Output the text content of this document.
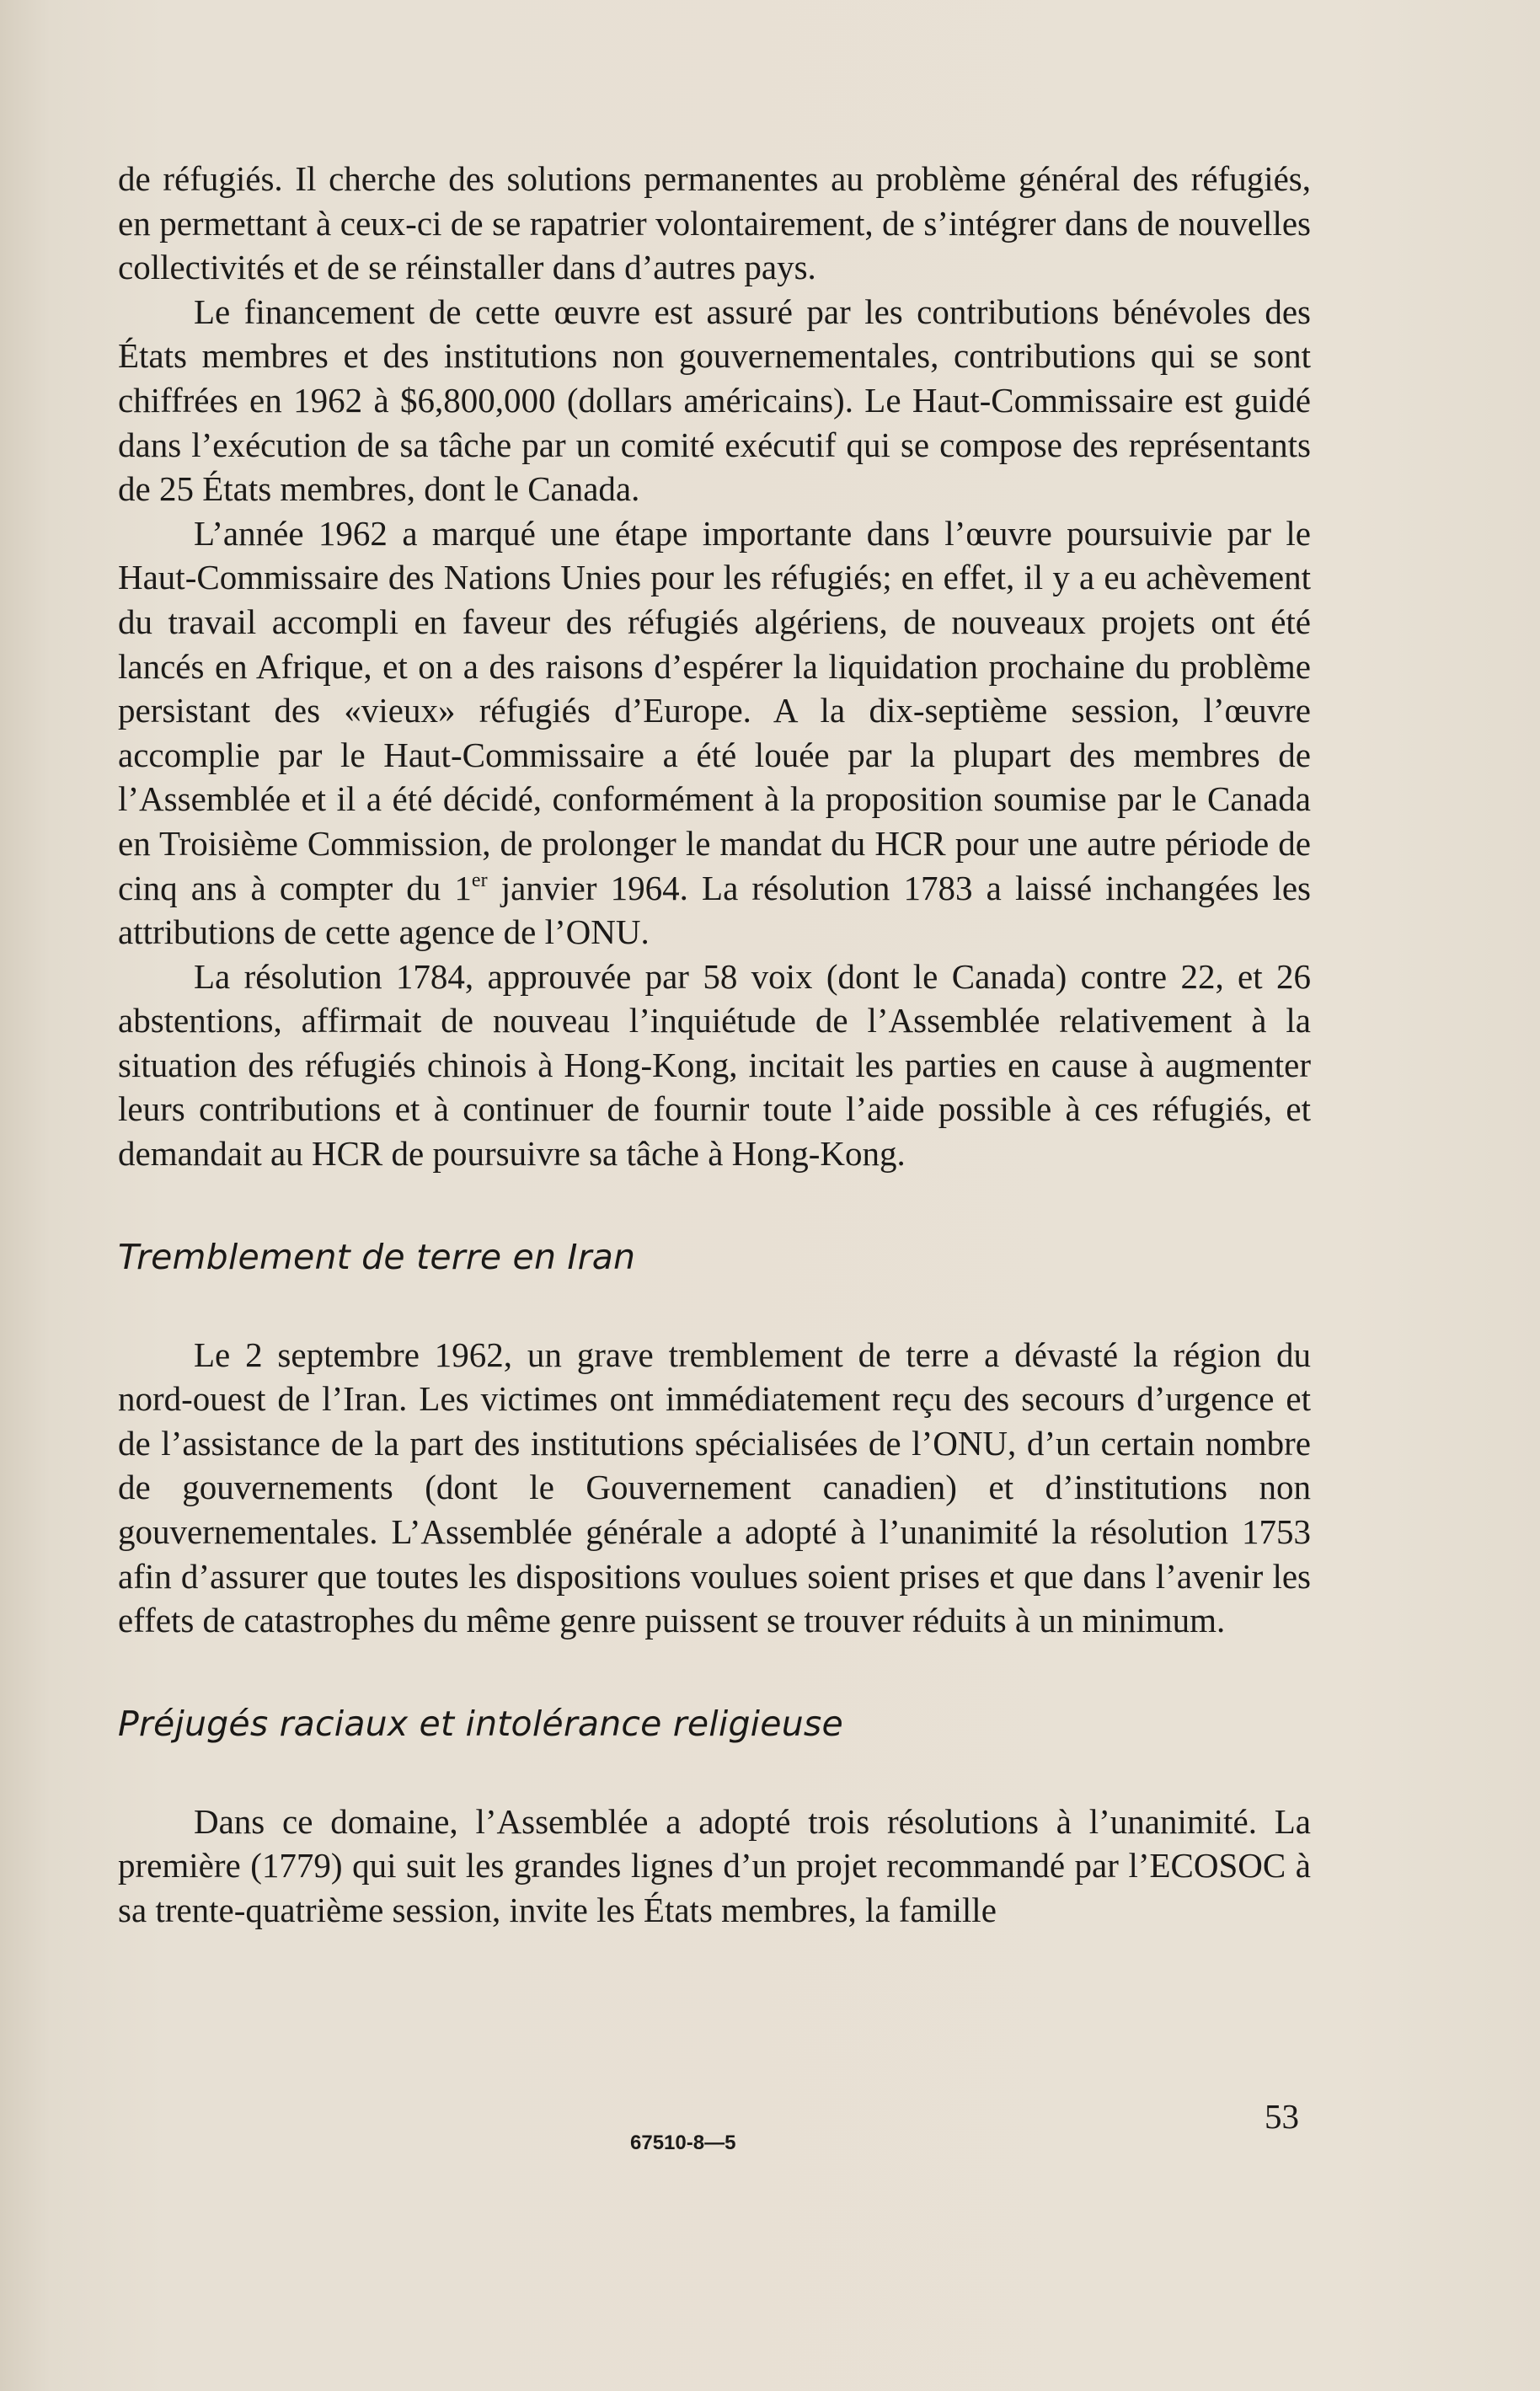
de réfugiés. Il cherche des solutions permanentes au problème général des réfugiés, en permettant à ceux-ci de se rapatrier volontairement, de s’intégrer dans de nouvelles collectivités et de se réinstaller dans d’autres pays.

Le financement de cette œuvre est assuré par les contributions bénévoles des États membres et des institutions non gouvernementales, contributions qui se sont chiffrées en 1962 à $6,800,000 (dollars américains). Le Haut-Commissaire est guidé dans l’exécution de sa tâche par un comité exécutif qui se compose des représentants de 25 États membres, dont le Canada.

L’année 1962 a marqué une étape importante dans l’œuvre poursuivie par le Haut-Commissaire des Nations Unies pour les réfugiés; en effet, il y a eu achèvement du travail accompli en faveur des réfugiés algériens, de nouveaux projets ont été lancés en Afrique, et on a des raisons d’espérer la liquidation prochaine du problème persistant des «vieux» réfugiés d’Europe. A la dix-septième session, l’œuvre accomplie par le Haut-Commissaire a été louée par la plupart des membres de l’Assemblée et il a été décidé, conformément à la proposition soumise par le Canada en Troisième Commission, de prolonger le mandat du HCR pour une autre période de cinq ans à compter du 1er janvier 1964. La résolution 1783 a laissé inchangées les attributions de cette agence de l’ONU.

La résolution 1784, approuvée par 58 voix (dont le Canada) contre 22, et 26 abstentions, affirmait de nouveau l’inquiétude de l’Assemblée relativement à la situation des réfugiés chinois à Hong-Kong, incitait les parties en cause à augmenter leurs contributions et à continuer de fournir toute l’aide possible à ces réfugiés, et demandait au HCR de poursuivre sa tâche à Hong-Kong.

Tremblement de terre en Iran

Le 2 septembre 1962, un grave tremblement de terre a dévasté la région du nord-ouest de l’Iran. Les victimes ont immédiatement reçu des secours d’urgence et de l’assistance de la part des institutions spécialisées de l’ONU, d’un certain nombre de gouvernements (dont le Gouvernement canadien) et d’institutions non gouvernementales. L’Assemblée générale a adopté à l’unanimité la résolution 1753 afin d’assurer que toutes les dispositions voulues soient prises et que dans l’avenir les effets de catastrophes du même genre puissent se trouver réduits à un minimum.

Préjugés raciaux et intolérance religieuse

Dans ce domaine, l’Assemblée a adopté trois résolutions à l’unanimité. La première (1779) qui suit les grandes lignes d’un projet recommandé par l’ECOSOC à sa trente-quatrième session, invite les États membres, la famille

53
67510-8—5
